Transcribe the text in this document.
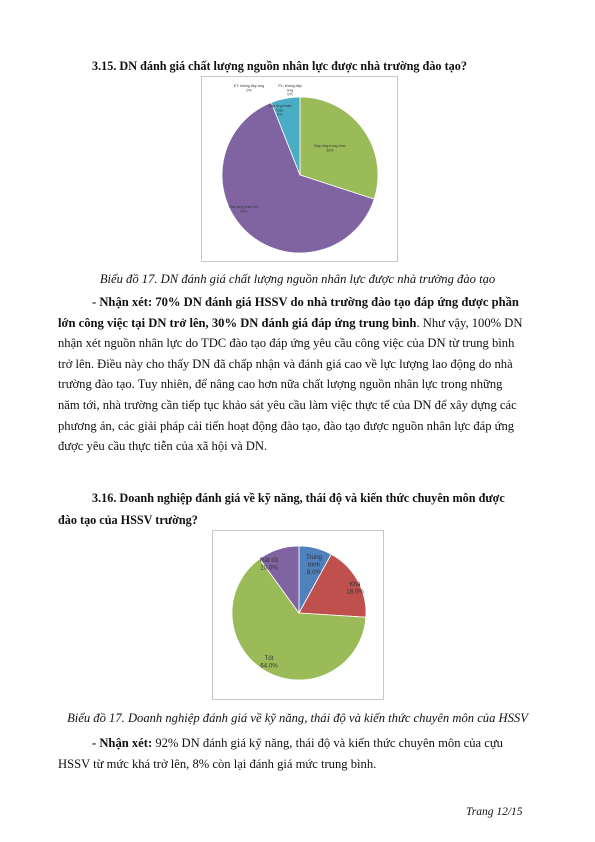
3.15. DN đánh giá chất lượng nguồn nhân lực được nhà trường đào tạo?
KT: không đáp ứng 0%
PL: không đáp ứng 0%
Đáp ứng trung bình 30%
Đáp ứng phần lớn 64%
Đáp ứng hoàn toàn 6%
Biểu đồ 17. DN đánh giá chất lượng nguồn nhân lực được nhà trường đào tạo
- Nhận xét: 70% DN đánh giá HSSV do nhà trường đào tạo đáp ứng được phần
lớn công việc tại DN trở lên, 30% DN đánh giá đáp ứng trung bình. Như vậy, 100% DN
nhận xét nguồn nhân lực do TDC đào tạo đáp ứng yêu cầu công việc của DN từ trung bình
trở lên. Điều này cho thấy DN đã chấp nhận và đánh giá cao về lực lượng lao động do nhà
trường đào tạo. Tuy nhiên, để nâng cao hơn nữa chất lượng nguồn nhân lực trong những
năm tới, nhà trường cần tiếp tục khảo sát yêu cầu làm việc thực tế của DN để xây dựng các
phương án, các giải pháp cải tiến hoạt động đào tạo, đào tạo được nguồn nhân lực đáp ứng
được yêu cầu thực tiễn của xã hội và DN.
3.16. Doanh nghiệp đánh giá về kỹ năng, thái độ và kiến thức chuyên môn được
đào tạo của HSSV trường?
Trung bình 8.0%
Khá 18.0%
Tốt 64.0%
Rất tốt 10.0%
Biểu đồ 17. Doanh nghiệp đánh giá về kỹ năng, thái độ và kiến thức chuyên môn của HSSV
- Nhận xét: 92% DN đánh giá kỹ năng, thái độ và kiến thức chuyên môn của cựu
HSSV từ mức khá trở lên, 8% còn lại đánh giá mức trung bình.
Trang 12/15
